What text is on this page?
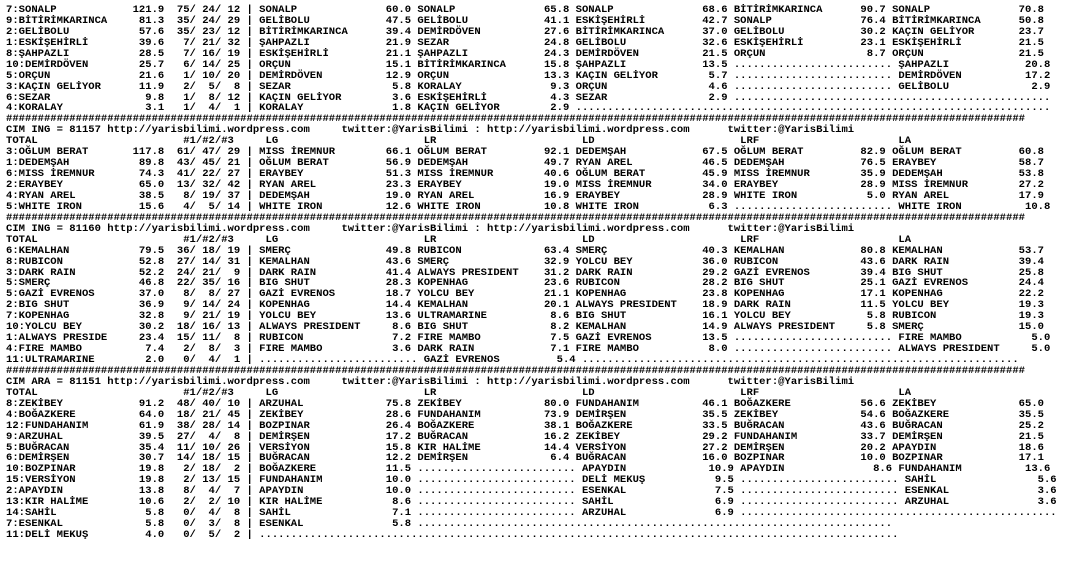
7:SONALP            121.9  75/ 24/ 12 | SONALP              60.0 SONALP              65.8 SONALP              68.6 BİTİRİMKARINCA      90.7 SONALP              70.8
9:BİTİRİMKARINCA     81.3  35/ 24/ 29 | GELİBOLU            47.5 GELİBOLU            41.1 ESKİŞEHİRLİ         42.7 SONALP              76.4 BİTİRİMKARINCA      50.8
2:GELİBOLU           57.6  35/ 23/ 12 | BİTİRİMKARINCA      39.4 DEMİRDÖVEN          27.6 BİTİRİMKARINCA      37.0 GELİBOLU            30.2 KAÇIN GELİYOR       23.7
1:ESKİŞEHİRLİ        39.6   7/ 21/ 32 | ŞAHPAZLI            21.9 SEZAR               24.8 GELİBOLU            32.6 ESKİŞEHİRLİ         23.1 ESKİŞEHİRLİ         21.5
8:ŞAHPAZLI           28.5   7/ 16/ 19 | ESKİŞEHİRLİ         21.1 ŞAHPAZLI            24.3 DEMİRDÖVEN          21.5 ORÇUN                8.7 ORÇUN               21.5
10:DEMİRDÖVEN        25.7   6/ 14/ 25 | ORÇUN               15.1 BİTİRİMKARINCA      15.8 ŞAHPAZLI            13.5 ......................... ŞAHPAZLI            20.8
5:ORÇUN              21.6   1/ 10/ 20 | DEMİRDÖVEN          12.9 ORÇUN               13.3 KAÇIN GELİYOR        5.7 ......................... DEMİRDÖVEN          17.2
3:KAÇIN GELİYOR      11.9   2/  5/  8 | SEZAR                5.8 KORALAY              9.3 ORÇUN                4.6 ......................... GELİBOLU             2.9
6:SEZAR               9.8   1/  8/ 12 | KAÇIN GELİYOR        3.6 ESKİŞEHİRLİ          4.3 SEZAR                2.9 ..................................................
4:KORALAY             3.1   1/  4/  1 | KORALAY              1.8 KAÇIN GELİYOR        2.9 ...........................................................................
#################################################################################################################################################################
CIM ING = 81157 http://yarisbilimi.wordpress.com     twitter:@YarisBilimi : http://yarisbilimi.wordpress.com      twitter:@YarisBilimi
TOTAL                       #1/#2/#3     LG                       LR                       LD                       LRF                      LA
3:OĞLUM BERAT       117.8  61/ 47/ 29 | MISS İREMNUR        66.1 OĞLUM BERAT         92.1 DEDEMŞAH            67.5 OĞLUM BERAT         82.9 OĞLUM BERAT         60.8
1:DEDEMŞAH           89.8  43/ 45/ 21 | OĞLUM BERAT         56.9 DEDEMŞAH            49.7 RYAN AREL           46.5 DEDEMŞAH            76.5 ERAYBEY             58.7
6:MISS İREMNUR       74.3  41/ 22/ 27 | ERAYBEY             51.3 MISS İREMNUR        40.6 OĞLUM BERAT         45.9 MISS İREMNUR        35.9 DEDEMŞAH            53.8
2:ERAYBEY            65.0  13/ 32/ 42 | RYAN AREL           23.3 ERAYBEY             19.0 MISS İREMNUR        34.0 ERAYBEY             28.9 MISS İREMNUR        27.2
4:RYAN AREL          38.5   8/ 19/ 37 | DEDEMŞAH            19.0 RYAN AREL           16.9 ERAYBEY             28.9 WHITE IRON           5.0 RYAN AREL           17.9
5:WHITE IRON         15.6   4/  5/ 14 | WHITE IRON          12.6 WHITE IRON          10.8 WHITE IRON           6.3 ......................... WHITE IRON          10.8
#################################################################################################################################################################
CIM ING = 81160 http://yarisbilimi.wordpress.com     twitter:@YarisBilimi : http://yarisbilimi.wordpress.com      twitter:@YarisBilimi
TOTAL                       #1/#2/#3     LG                       LR                       LD                       LRF                      LA
6:KEMALHAN           79.5  36/ 18/ 19 | SMERÇ               49.8 RUBICON             63.4 SMERÇ               40.3 KEMALHAN            80.8 KEMALHAN            53.7
8:RUBICON            52.8  27/ 14/ 31 | KEMALHAN            43.6 SMERÇ               32.9 YOLCU BEY           36.0 RUBICON             43.6 DARK RAIN           39.4
3:DARK RAIN          52.2  24/ 21/  9 | DARK RAIN           41.4 ALWAYS PRESIDENT    31.2 DARK RAIN           29.2 GAZİ EVRENOS        39.4 BIG SHUT            25.8
5:SMERÇ              46.8  22/ 35/ 16 | BIG SHUT            28.3 KOPENHAG            23.6 RUBICON             28.2 BIG SHUT            25.1 GAZİ EVRENOS        24.4
5:GAZİ EVRENOS       37.0   8/  8/ 27 | GAZİ EVRENOS        18.7 YOLCU BEY           21.1 KOPENHAG            23.8 KOPENHAG            17.1 KOPENHAG            22.2
2:BIG SHUT           36.9   9/ 14/ 24 | KOPENHAG            14.4 KEMALHAN            20.1 ALWAYS PRESIDENT    18.9 DARK RAIN           11.5 YOLCU BEY           19.3
7:KOPENHAG           32.8   9/ 21/ 19 | YOLCU BEY           13.6 ULTRAMARINE          8.6 BIG SHUT            16.1 YOLCU BEY            5.8 RUBICON             19.3
10:YOLCU BEY         30.2  18/ 16/ 13 | ALWAYS PRESIDENT     8.6 BIG SHUT             8.2 KEMALHAN            14.9 ALWAYS PRESIDENT     5.8 SMERÇ               15.0
1:ALWAYS PRESIDE     23.4  15/ 11/  8 | RUBICON              7.2 FIRE MAMBO           7.5 GAZİ EVRENOS        13.5 ......................... FIRE MAMBO           5.0
4:FIRE MAMBO          7.4   2/  8/  3 | FIRE MAMBO           3.6 DARK RAIN            7.1 FIRE MAMBO           8.0 ......................... ALWAYS PRESIDENT     5.0
11:ULTRAMARINE        2.0   0/  4/  1 | ......................... GAZİ EVRENOS         5.4 .....................................................................
#################################################################################################################################################################
CIM ARA = 81151 http://yarisbilimi.wordpress.com     twitter:@YarisBilimi : http://yarisbilimi.wordpress.com      twitter:@YarisBilimi
TOTAL                       #1/#2/#3     LG                       LR                       LD                       LRF                      LA
8:ZEKİBEY            91.2  48/ 40/ 10 | ARZUHAL             75.8 ZEKİBEY             80.0 FUNDAHANIM          46.1 BOĞAZKERE           56.6 ZEKİBEY             65.0
4:BOĞAZKERE          64.0  18/ 21/ 45 | ZEKİBEY             28.6 FUNDAHANIM          73.9 DEMİRŞEN            35.5 ZEKİBEY             54.6 BOĞAZKERE           35.5
12:FUNDAHANIM        61.9  38/ 28/ 14 | BOZPINAR            26.4 BOĞAZKERE           38.1 BOĞAZKERE           33.5 BUĞRACAN            43.6 BUĞRACAN            25.2
9:ARZUHAL            39.5  27/  4/  8 | DEMİRŞEN            17.2 BUĞRACAN            16.2 ZEKİBEY             29.2 FUNDAHANIM          33.7 DEMİRŞEN            21.5
5:BUĞRACAN           35.4  11/ 10/ 26 | VERSİYON            15.8 KIR HALİME          14.4 VERSİYON            27.2 DEMİRŞEN            20.2 APAYDIN             18.6
6:DEMİRŞEN           30.7  14/ 18/ 15 | BUĞRACAN            12.2 DEMİRŞEN             6.4 BUĞRACAN            16.0 BOZPINAR            10.0 BOZPINAR            17.1
10:BOZPINAR          19.8   2/ 18/  2 | BOĞAZKERE           11.5 ......................... APAYDIN             10.9 APAYDIN              8.6 FUNDAHANIM          13.6
15:VERSİYON          19.8   2/ 13/ 15 | FUNDAHANIM          10.0 ......................... DELİ MEKUŞ           9.5 ......................... SAHİL                5.6
2:APAYDIN            13.8   8/  4/  7 | APAYDIN             10.0 ......................... ESENKAL              7.5 ......................... ESENKAL              3.6
13:KIR HALİME        10.6   2/  2/ 10 | KIR HALİME           8.6 ......................... SAHİL                6.9 ......................... ARZUHAL              3.6
14:SAHİL              5.8   0/  4/  8 | SAHİL                7.1 ......................... ARZUHAL              6.9 ..................................................
7:ESENKAL             5.8   0/  3/  8 | ESENKAL              5.8 ...........................................................................
11:DELİ MEKUŞ         4.0   0/  5/  2 | .....................................................................................................
